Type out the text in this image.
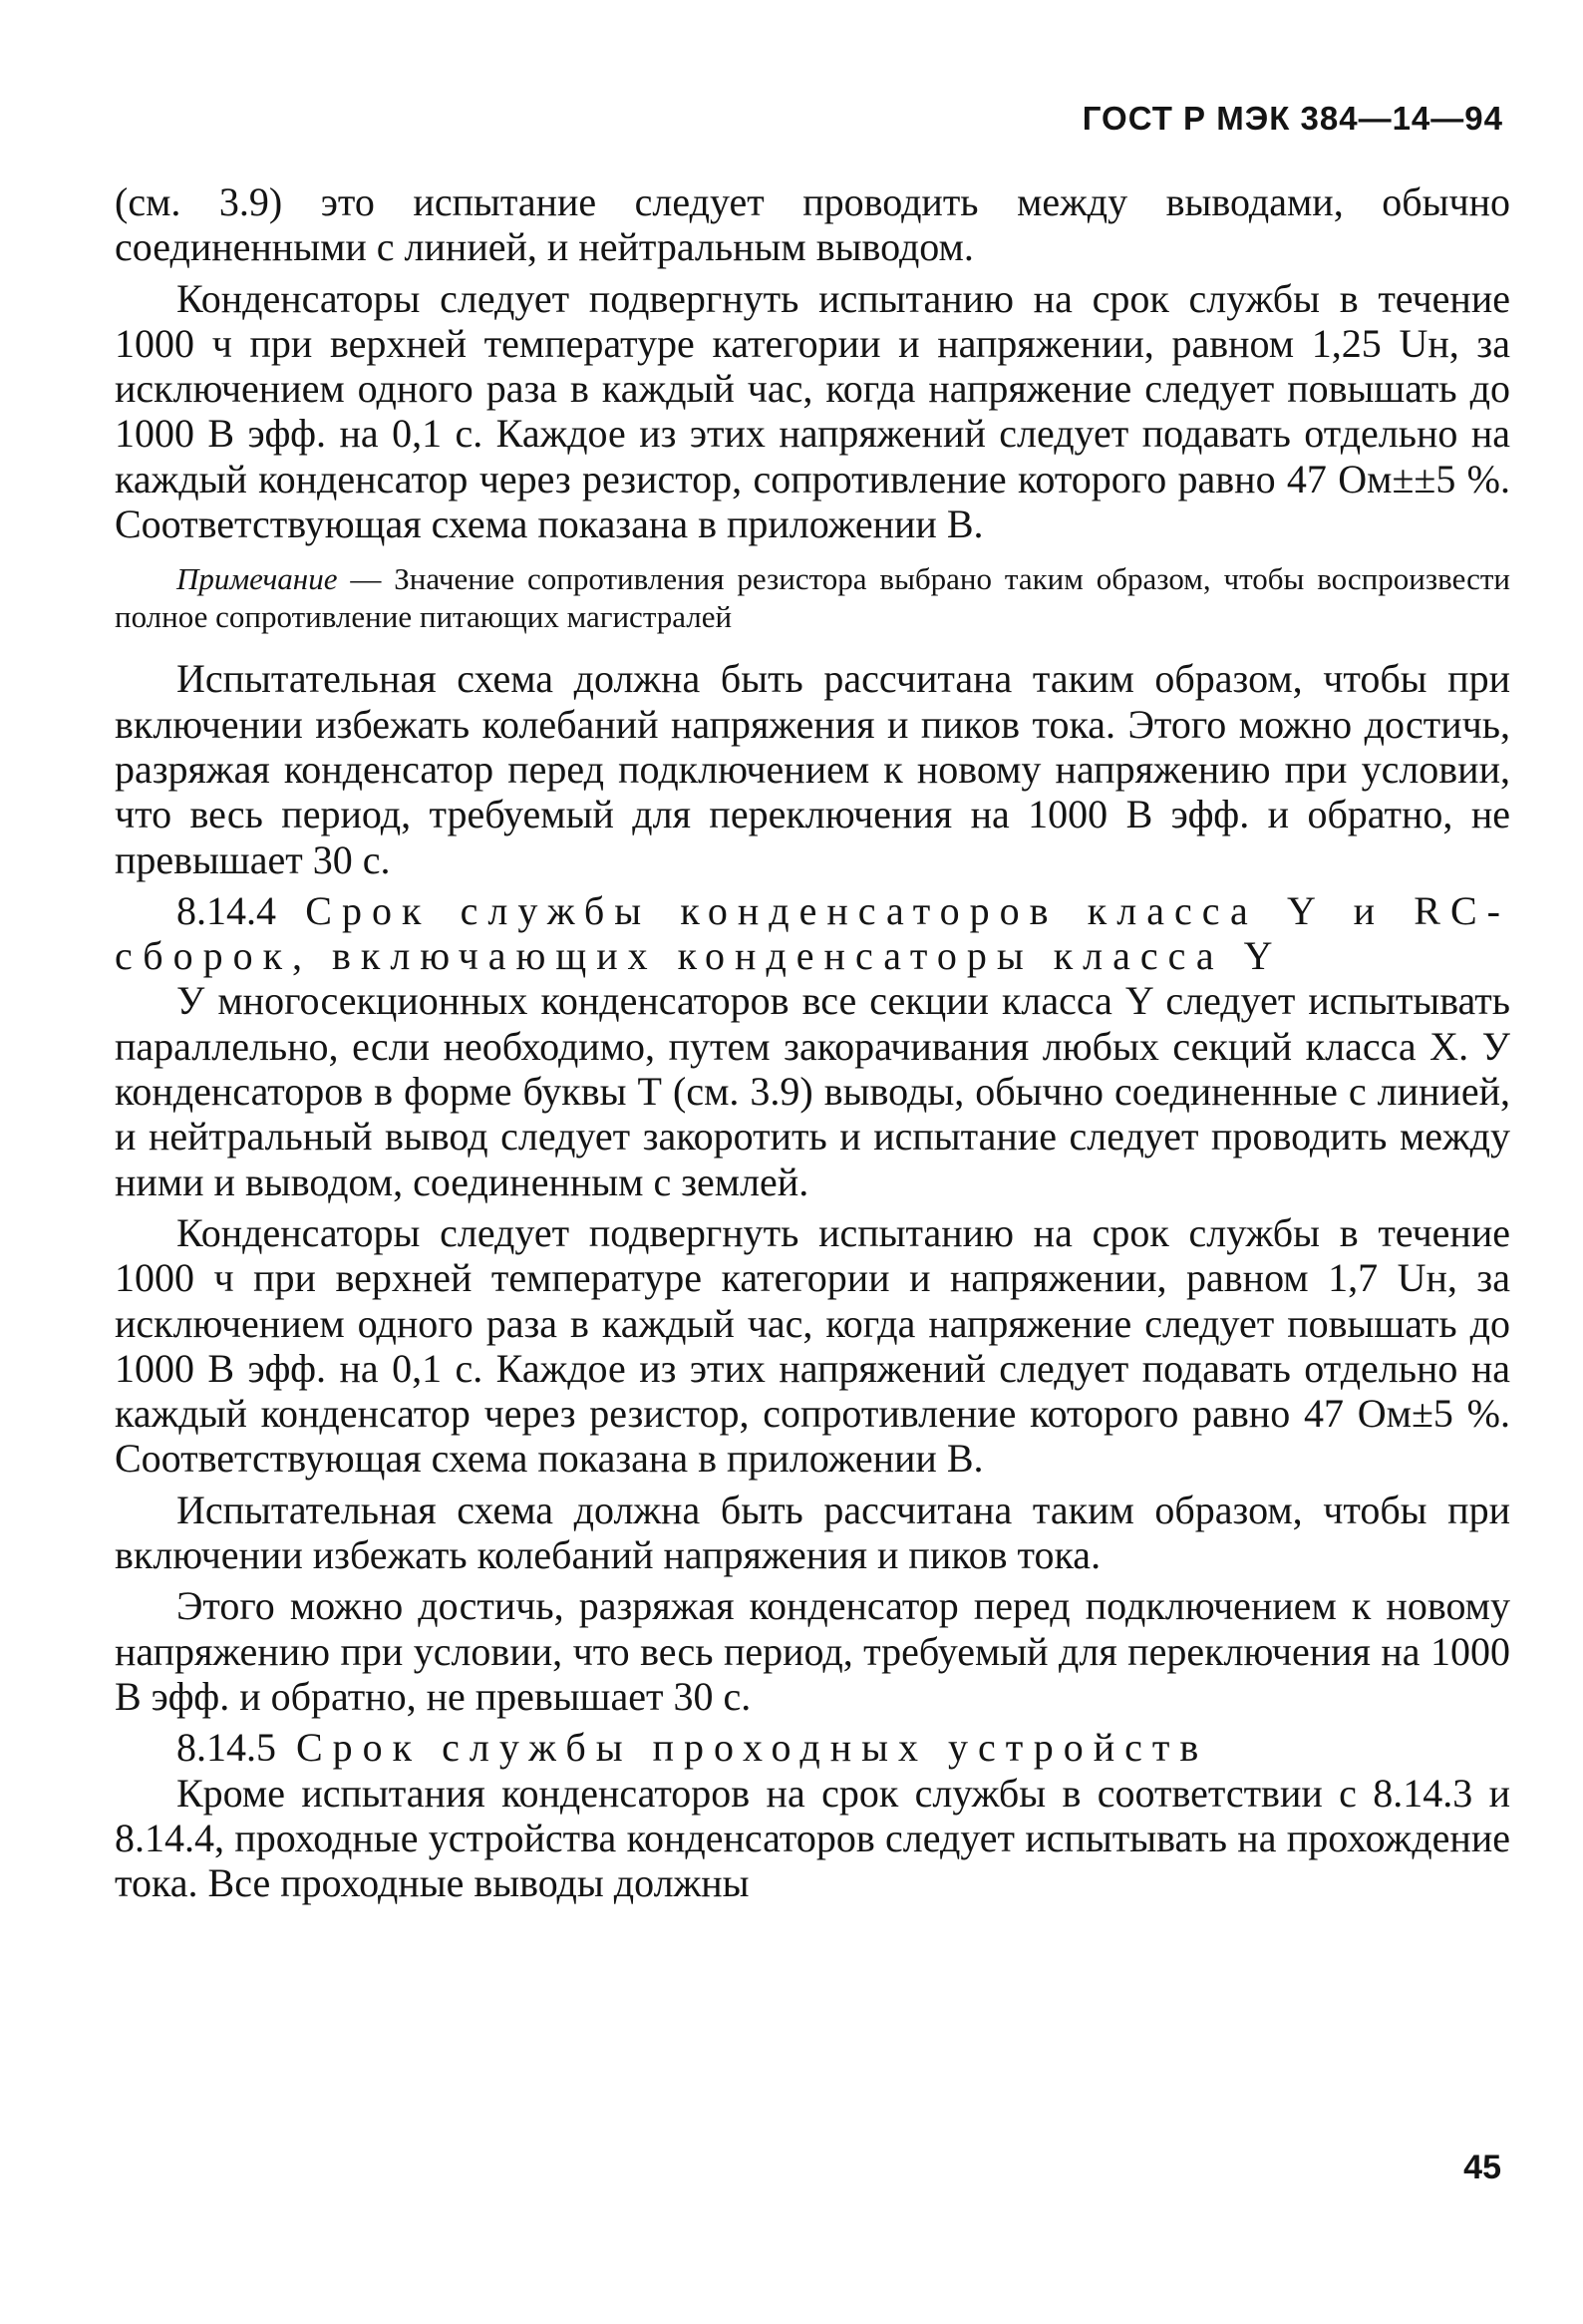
ГОСТ Р МЭК 384—14—94

(см. 3.9) это испытание следует проводить между выводами, обычно соединенными с линией, и нейтральным выводом.

Конденсаторы следует подвергнуть испытанию на срок службы в течение 1000 ч при верхней температуре категории и напряжении, равном 1,25 Uн, за исключением одного раза в каждый час, когда напряжение следует повышать до 1000 В эфф. на 0,1 с. Каждое из этих напряжений следует подавать отдельно на каждый конденсатор через резистор, сопротивление которого равно 47 Ом±±5 %. Соответствующая схема показана в приложении В.

Примечание — Значение сопротивления резистора выбрано таким образом, чтобы воспроизвести полное сопротивление питающих магистралей

Испытательная схема должна быть рассчитана таким образом, чтобы при включении избежать колебаний напряжения и пиков тока. Этого можно достичь, разряжая конденсатор перед подключением к новому напряжению при условии, что весь период, требуемый для переключения на 1000 В эфф. и обратно, не превышает 30 с.

8.14.4 Срок службы конденсаторов класса Y и RC-сборок, включающих конденсаторы класса Y

У многосекционных конденсаторов все секции класса Y следует испытывать параллельно, если необходимо, путем закорачивания любых секций класса X. У конденсаторов в форме буквы Т (см. 3.9) выводы, обычно соединенные с линией, и нейтральный вывод следует закоротить и испытание следует проводить между ними и выводом, соединенным с землей.

Конденсаторы следует подвергнуть испытанию на срок службы в течение 1000 ч при верхней температуре категории и напряжении, равном 1,7 Uн, за исключением одного раза в каждый час, когда напряжение следует повышать до 1000 В эфф. на 0,1 с. Каждое из этих напряжений следует подавать отдельно на каждый конденсатор через резистор, сопротивление которого равно 47 Ом±5 %. Соответствующая схема показана в приложении В.

Испытательная схема должна быть рассчитана таким образом, чтобы при включении избежать колебаний напряжения и пиков тока.

Этого можно достичь, разряжая конденсатор перед подключением к новому напряжению при условии, что весь период, требуемый для переключения на 1000 В эфф. и обратно, не превышает 30 с.

8.14.5 Срок службы проходных устройств

Кроме испытания конденсаторов на срок службы в соответствии с 8.14.3 и 8.14.4, проходные устройства конденсаторов следует испытывать на прохождение тока. Все проходные выводы должны

45
